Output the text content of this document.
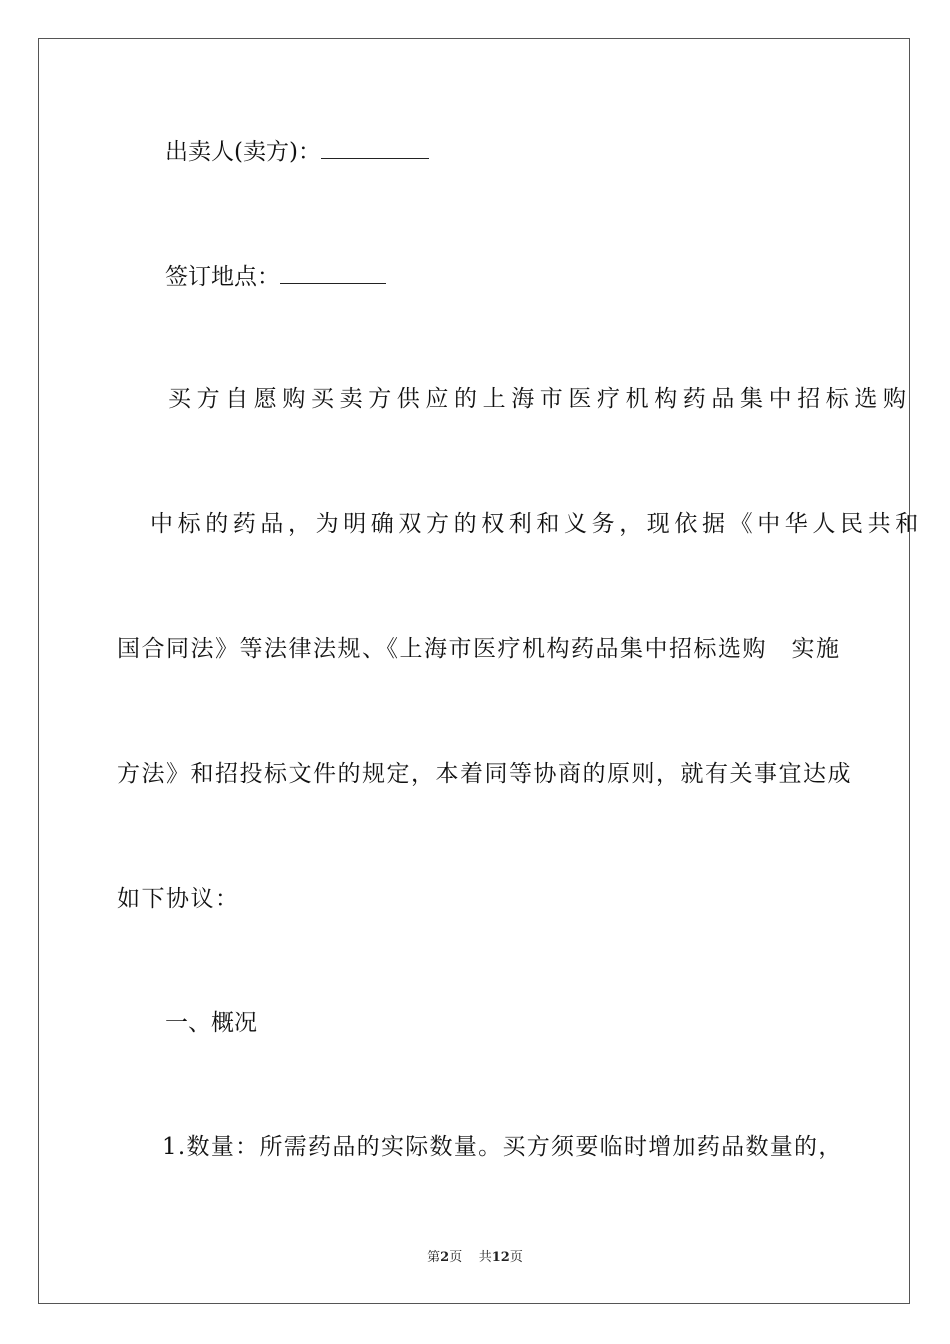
出卖人(卖方)：
签订地点：
买方自愿购买卖方供应的上海市医疗机构药品集中招标选购
中标的药品，为明确双方的权利和义务，现依据《中华人民共和
国合同法》等法律法规、《上海市医疗机构药品集中招标选购　实施
方法》和招投标文件的规定，本着同等协商的原则，就有关事宜达成
如下协议：
一、概况
1.数量：所需药品的实际数量。买方须要临时增加药品数量的，
第2页 共12页
